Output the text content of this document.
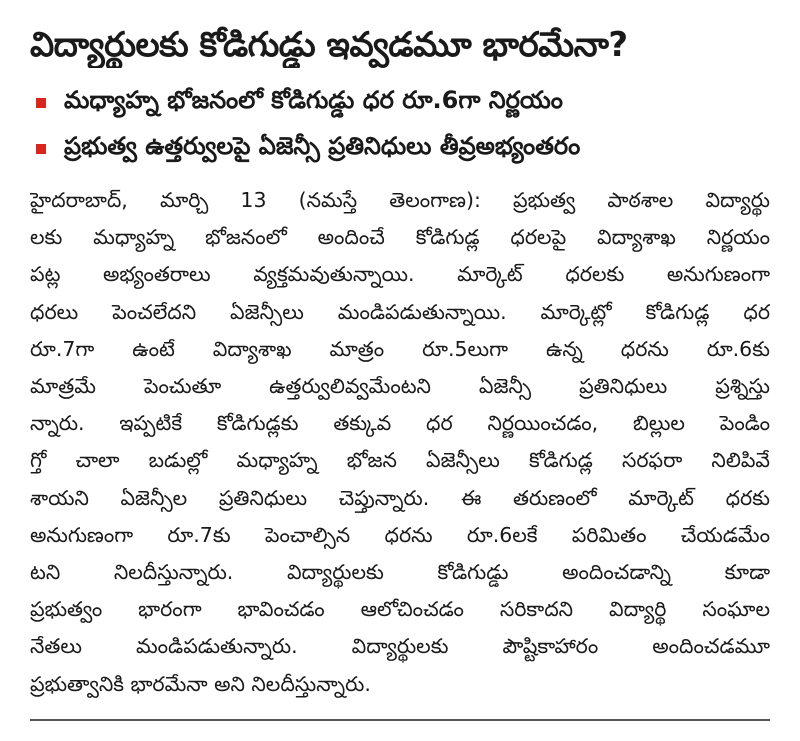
విద్యార్థులకు కోడిగుడ్డు ఇవ్వడమూ భారమేనా?
మధ్యాహ్న భోజనంలో కోడిగుడ్డు ధర రూ.6గా నిర్ణయం
ప్రభుత్వ ఉత్తర్వులపై ఏజెన్సీ ప్రతినిధులు తీవ్రఅభ్యంతరం
హైదరాబాద్, మార్చి 13 (నమస్తే తెలంగాణ): ప్రభుత్వ పాఠశాల విద్యార్థు
లకు మధ్యాహ్న భోజనంలో అందించే కోడిగుడ్ల ధరలపై విద్యాశాఖ నిర్ణయం
పట్ల అభ్యంతరాలు వ్యక్తమవుతున్నాయి. మార్కెట్ ధరలకు అనుగుణంగా
ధరలు పెంచలేదని ఏజెన్సీలు మండిపడుతున్నాయి. మార్కెట్లో కోడిగుడ్ల ధర
రూ.7గా ఉంటే విద్యాశాఖ మాత్రం రూ.5లుగా ఉన్న ధరను రూ.6కు
మాత్రమే పెంచుతూ ఉత్తర్వులివ్వమేంటని ఏజెన్సీ ప్రతినిధులు ప్రశ్నిస్తు
న్నారు. ఇప్పటికే కోడిగుడ్లకు తక్కువ ధర నిర్ణయించడం, బిల్లుల పెండిం
గ్తో చాలా బడుల్లో మధ్యాహ్న భోజన ఏజెన్సీలు కోడిగుడ్ల సరఫరా నిలిపివే
శాయని ఏజెన్సీల ప్రతినిధులు చెప్తున్నారు. ఈ తరుణంలో మార్కెట్ ధరకు
అనుగుణంగా రూ.7కు పెంచాల్సిన ధరను రూ.6లకే పరిమితం చేయడమేం
టని నిలదీస్తున్నారు. విద్యార్థులకు కోడిగుడ్డు అందించడాన్ని కూడా
ప్రభుత్వం భారంగా భావించడం ఆలోచించడం సరికాదని విద్యార్థి సంఘాల
నేతలు మండిపడుతున్నారు. విద్యార్థులకు పౌష్టికాహారం అందించడమూ
ప్రభుత్వానికి భారమేనా అని నిలదీస్తున్నారు.
